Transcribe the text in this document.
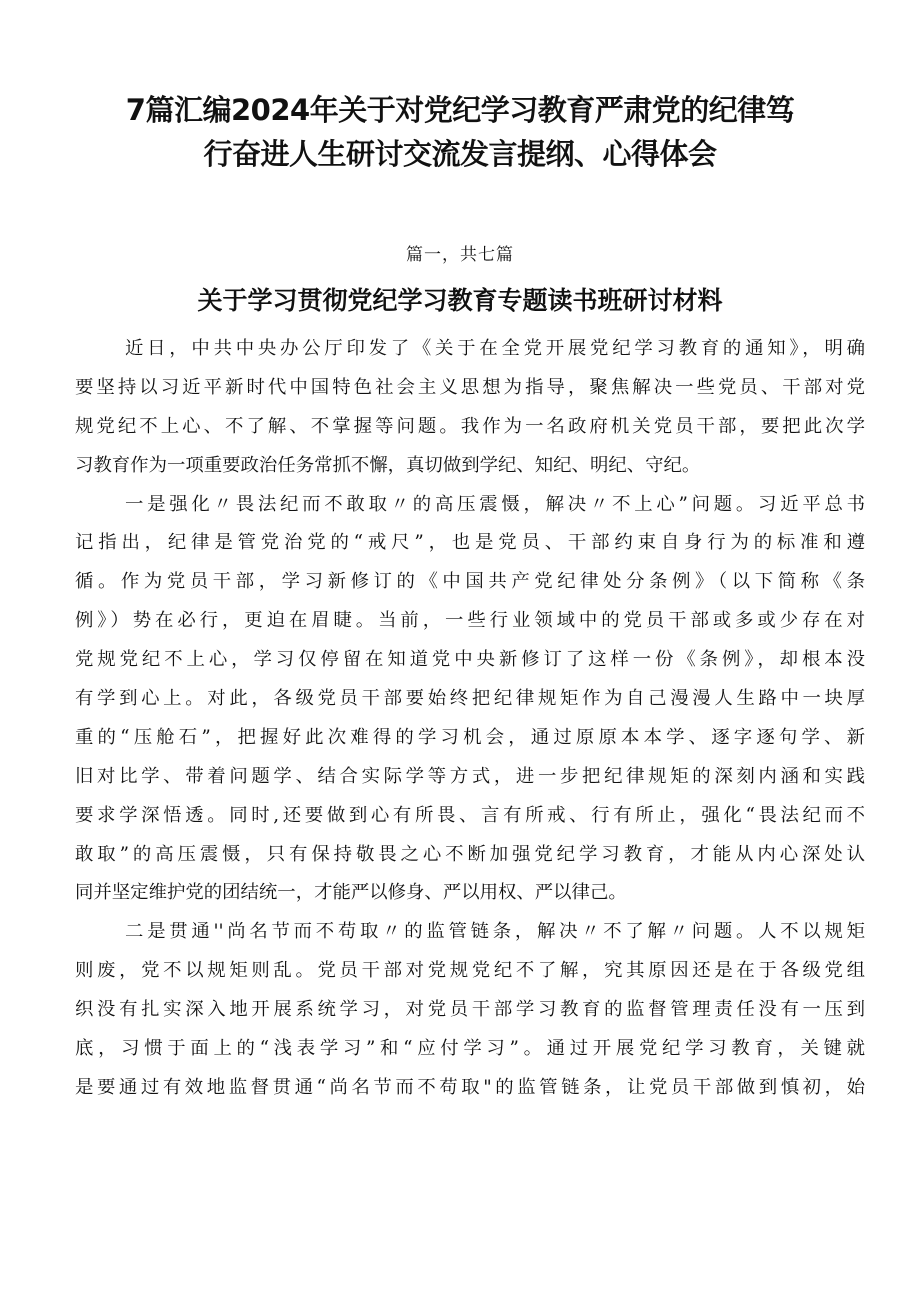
7篇汇编2024年关于对党纪学习教育严肃党的纪律笃
行奋进人生研讨交流发言提纲、心得体会
篇一，共七篇
关于学习贯彻党纪学习教育专题读书班研讨材料
近日，中共中央办公厅印发了《关于在全党开展党纪学习教育的通知》，明确
要坚持以习近平新时代中国特色社会主义思想为指导，聚焦解决一些党员、干部对党
规党纪不上心、不了解、不掌握等问题。我作为一名政府机关党员干部，要把此次学
习教育作为一项重要政治任务常抓不懈，真切做到学纪、知纪、明纪、守纪。
一是强化〃畏法纪而不敢取〃的高压震慑，解决〃不上心”问题。习近平总书
记指出，纪律是管党治党的“戒尺”，也是党员、干部约束自身行为的标准和遵
循。作为党员干部，学习新修订的《中国共产党纪律处分条例》（以下简称《条
例》）势在必行，更迫在眉睫。当前，一些行业领域中的党员干部或多或少存在对
党规党纪不上心，学习仅停留在知道党中央新修订了这样一份《条例》，却根本没
有学到心上。对此，各级党员干部要始终把纪律规矩作为自己漫漫人生路中一块厚
重的“压舱石”，把握好此次难得的学习机会，通过原原本本学、逐字逐句学、新
旧对比学、带着问题学、结合实际学等方式，进一步把纪律规矩的深刻内涵和实践
要求学深悟透。同时,还要做到心有所畏、言有所戒、行有所止，强化“畏法纪而不
敢取”的高压震慑，只有保持敬畏之心不断加强党纪学习教育，才能从内心深处认
同并坚定维护党的团结统一，才能严以修身、严以用权、严以律己。
二是贯通''尚名节而不苟取〃的监管链条，解决〃不了解〃问题。人不以规矩
则废，党不以规矩则乱。党员干部对党规党纪不了解，究其原因还是在于各级党组
织没有扎实深入地开展系统学习，对党员干部学习教育的监督管理责任没有一压到
底，习惯于面上的“浅表学习”和“应付学习”。通过开展党纪学习教育，关键就
是要通过有效地监督贯通“尚名节而不苟取"的监管链条，让党员干部做到慎初，始
